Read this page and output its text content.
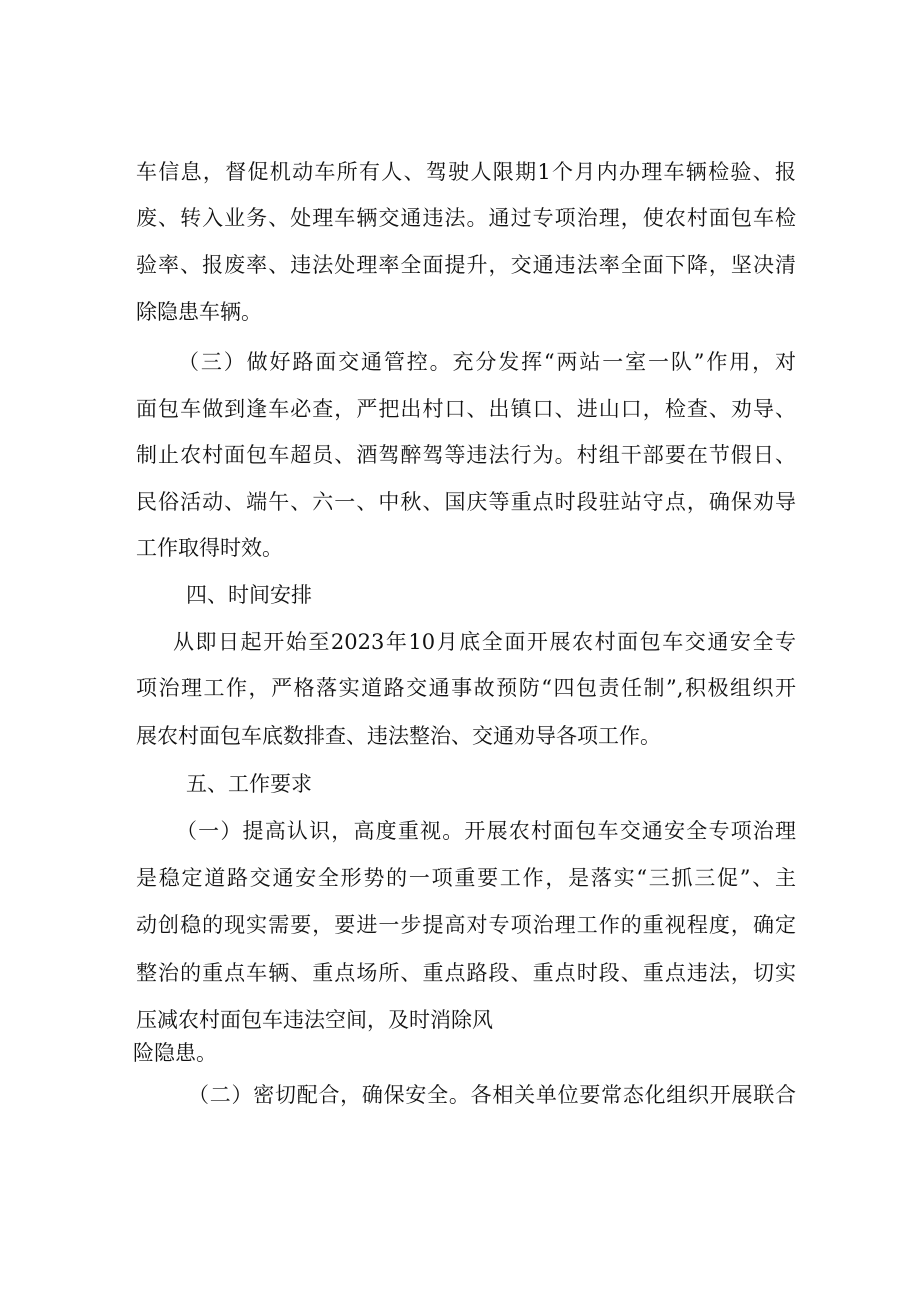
车信息，督促机动车所有人、驾驶人限期1个月内办理车辆检验、报
废、转入业务、处理车辆交通违法。通过专项治理，使农村面包车检
验率、报废率、违法处理率全面提升，交通违法率全面下降，坚决清
除隐患车辆。
（三）做好路面交通管控。充分发挥“两站一室一队”作用，对
面包车做到逢车必查，严把出村口、出镇口、进山口，检查、劝导、
制止农村面包车超员、酒驾醉驾等违法行为。村组干部要在节假日、
民俗活动、端午、六一、中秋、国庆等重点时段驻站守点，确保劝导
工作取得时效。
四、时间安排
从即日起开始至2023年10月底全面开展农村面包车交通安全专
项治理工作，严格落实道路交通事故预防“四包责任制”,积极组织开
展农村面包车底数排查、违法整治、交通劝导各项工作。
五、工作要求
（一）提高认识，高度重视。开展农村面包车交通安全专项治理
是稳定道路交通安全形势的一项重要工作，是落实“三抓三促”、主
动创稳的现实需要，要进一步提高对专项治理工作的重视程度，确定
整治的重点车辆、重点场所、重点路段、重点时段、重点违法，切实
压减农村面包车违法空间，及时消除风
险隐患。
（二）密切配合，确保安全。各相关单位要常态化组织开展联合
